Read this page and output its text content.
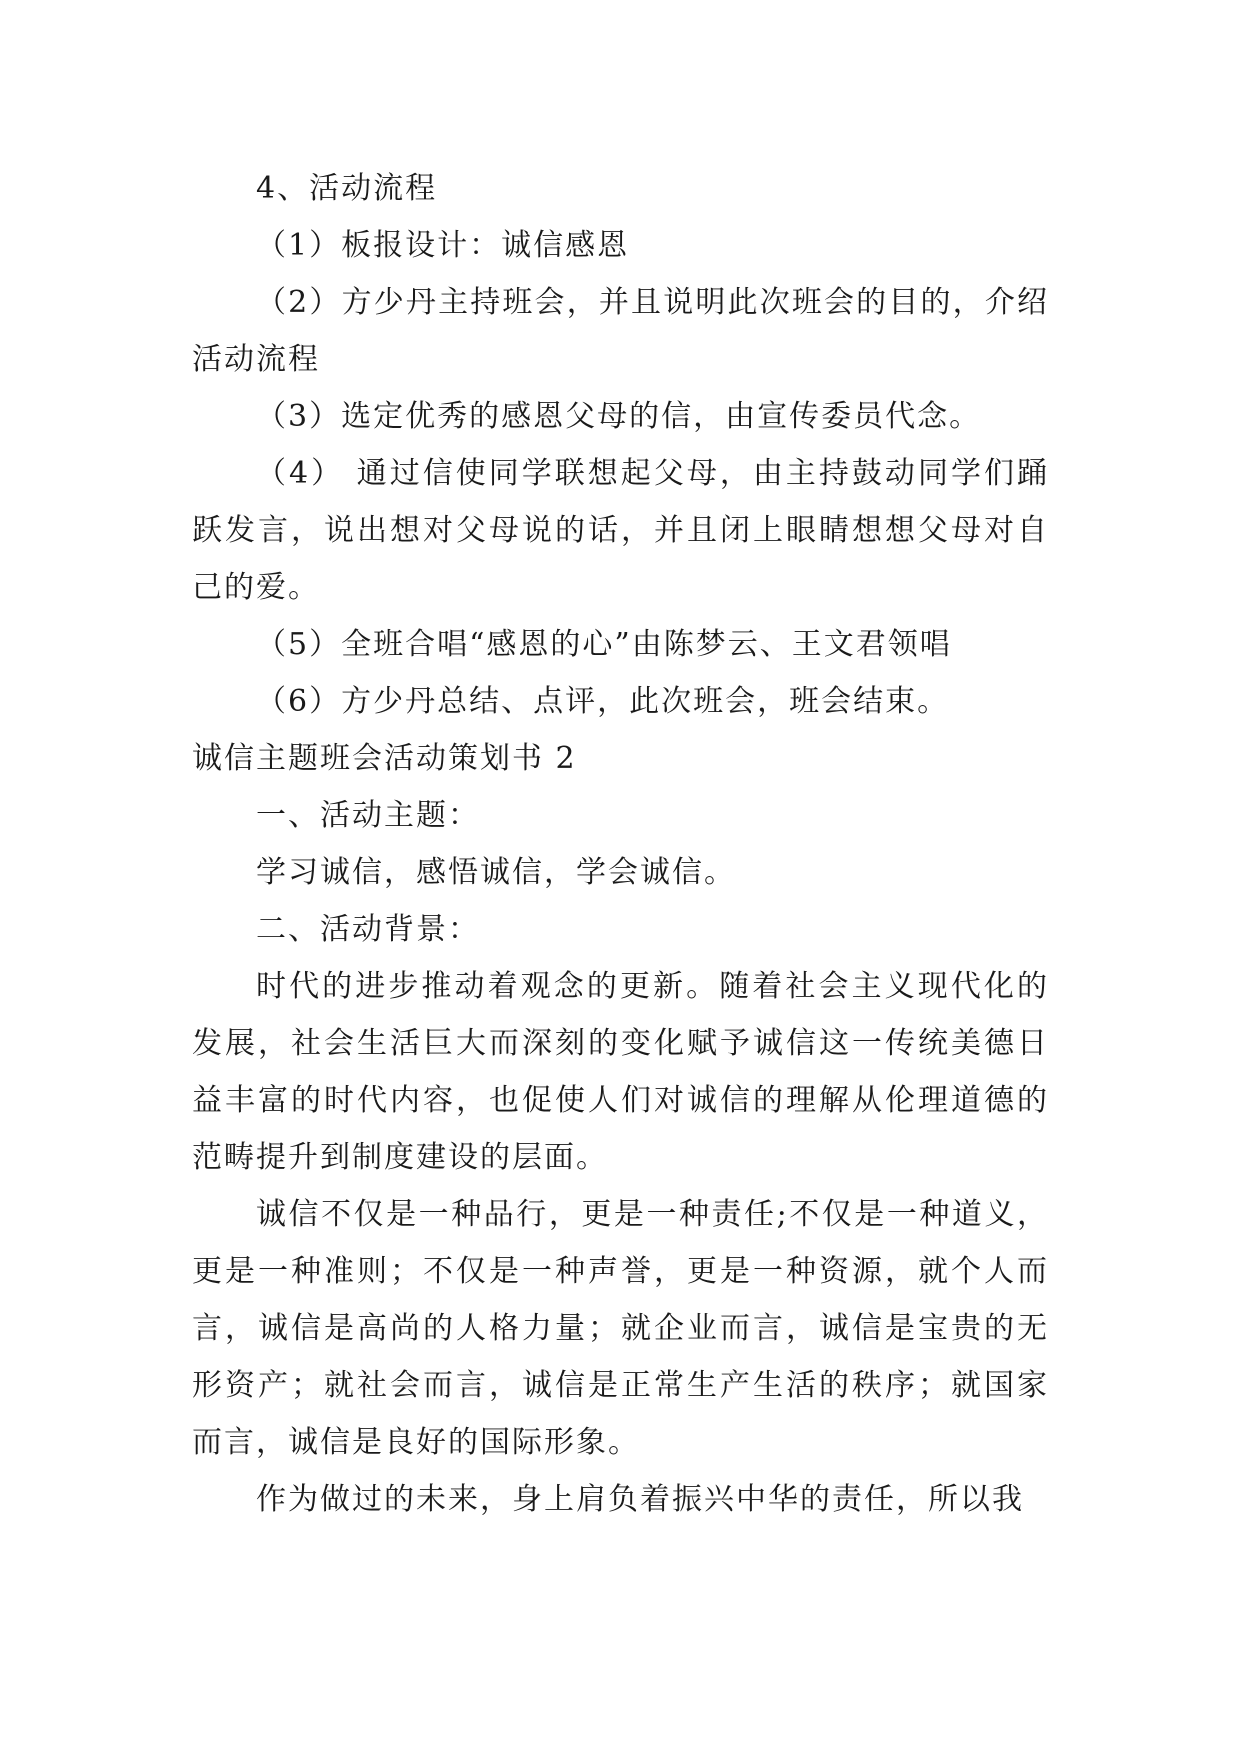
4、活动流程

（1）板报设计：诚信感恩

（2）方少丹主持班会，并且说明此次班会的目的，介绍活动流程

（3）选定优秀的感恩父母的信，由宣传委员代念。

（4） 通过信使同学联想起父母，由主持鼓动同学们踊跃发言，说出想对父母说的话，并且闭上眼睛想想父母对自己的爱。

（5）全班合唱“感恩的心”由陈梦云、王文君领唱

（6）方少丹总结、点评，此次班会，班会结束。

诚信主题班会活动策划书 2

一、活动主题：

学习诚信，感悟诚信，学会诚信。

二、活动背景：

时代的进步推动着观念的更新。随着社会主义现代化的发展，社会生活巨大而深刻的变化赋予诚信这一传统美德日益丰富的时代内容，也促使人们对诚信的理解从伦理道德的范畴提升到制度建设的层面。

诚信不仅是一种品行，更是一种责任;不仅是一种道义，更是一种准则；不仅是一种声誉，更是一种资源，就个人而言，诚信是高尚的人格力量；就企业而言，诚信是宝贵的无形资产；就社会而言，诚信是正常生产生活的秩序；就国家而言，诚信是良好的国际形象。

作为做过的未来，身上肩负着振兴中华的责任，所以我
